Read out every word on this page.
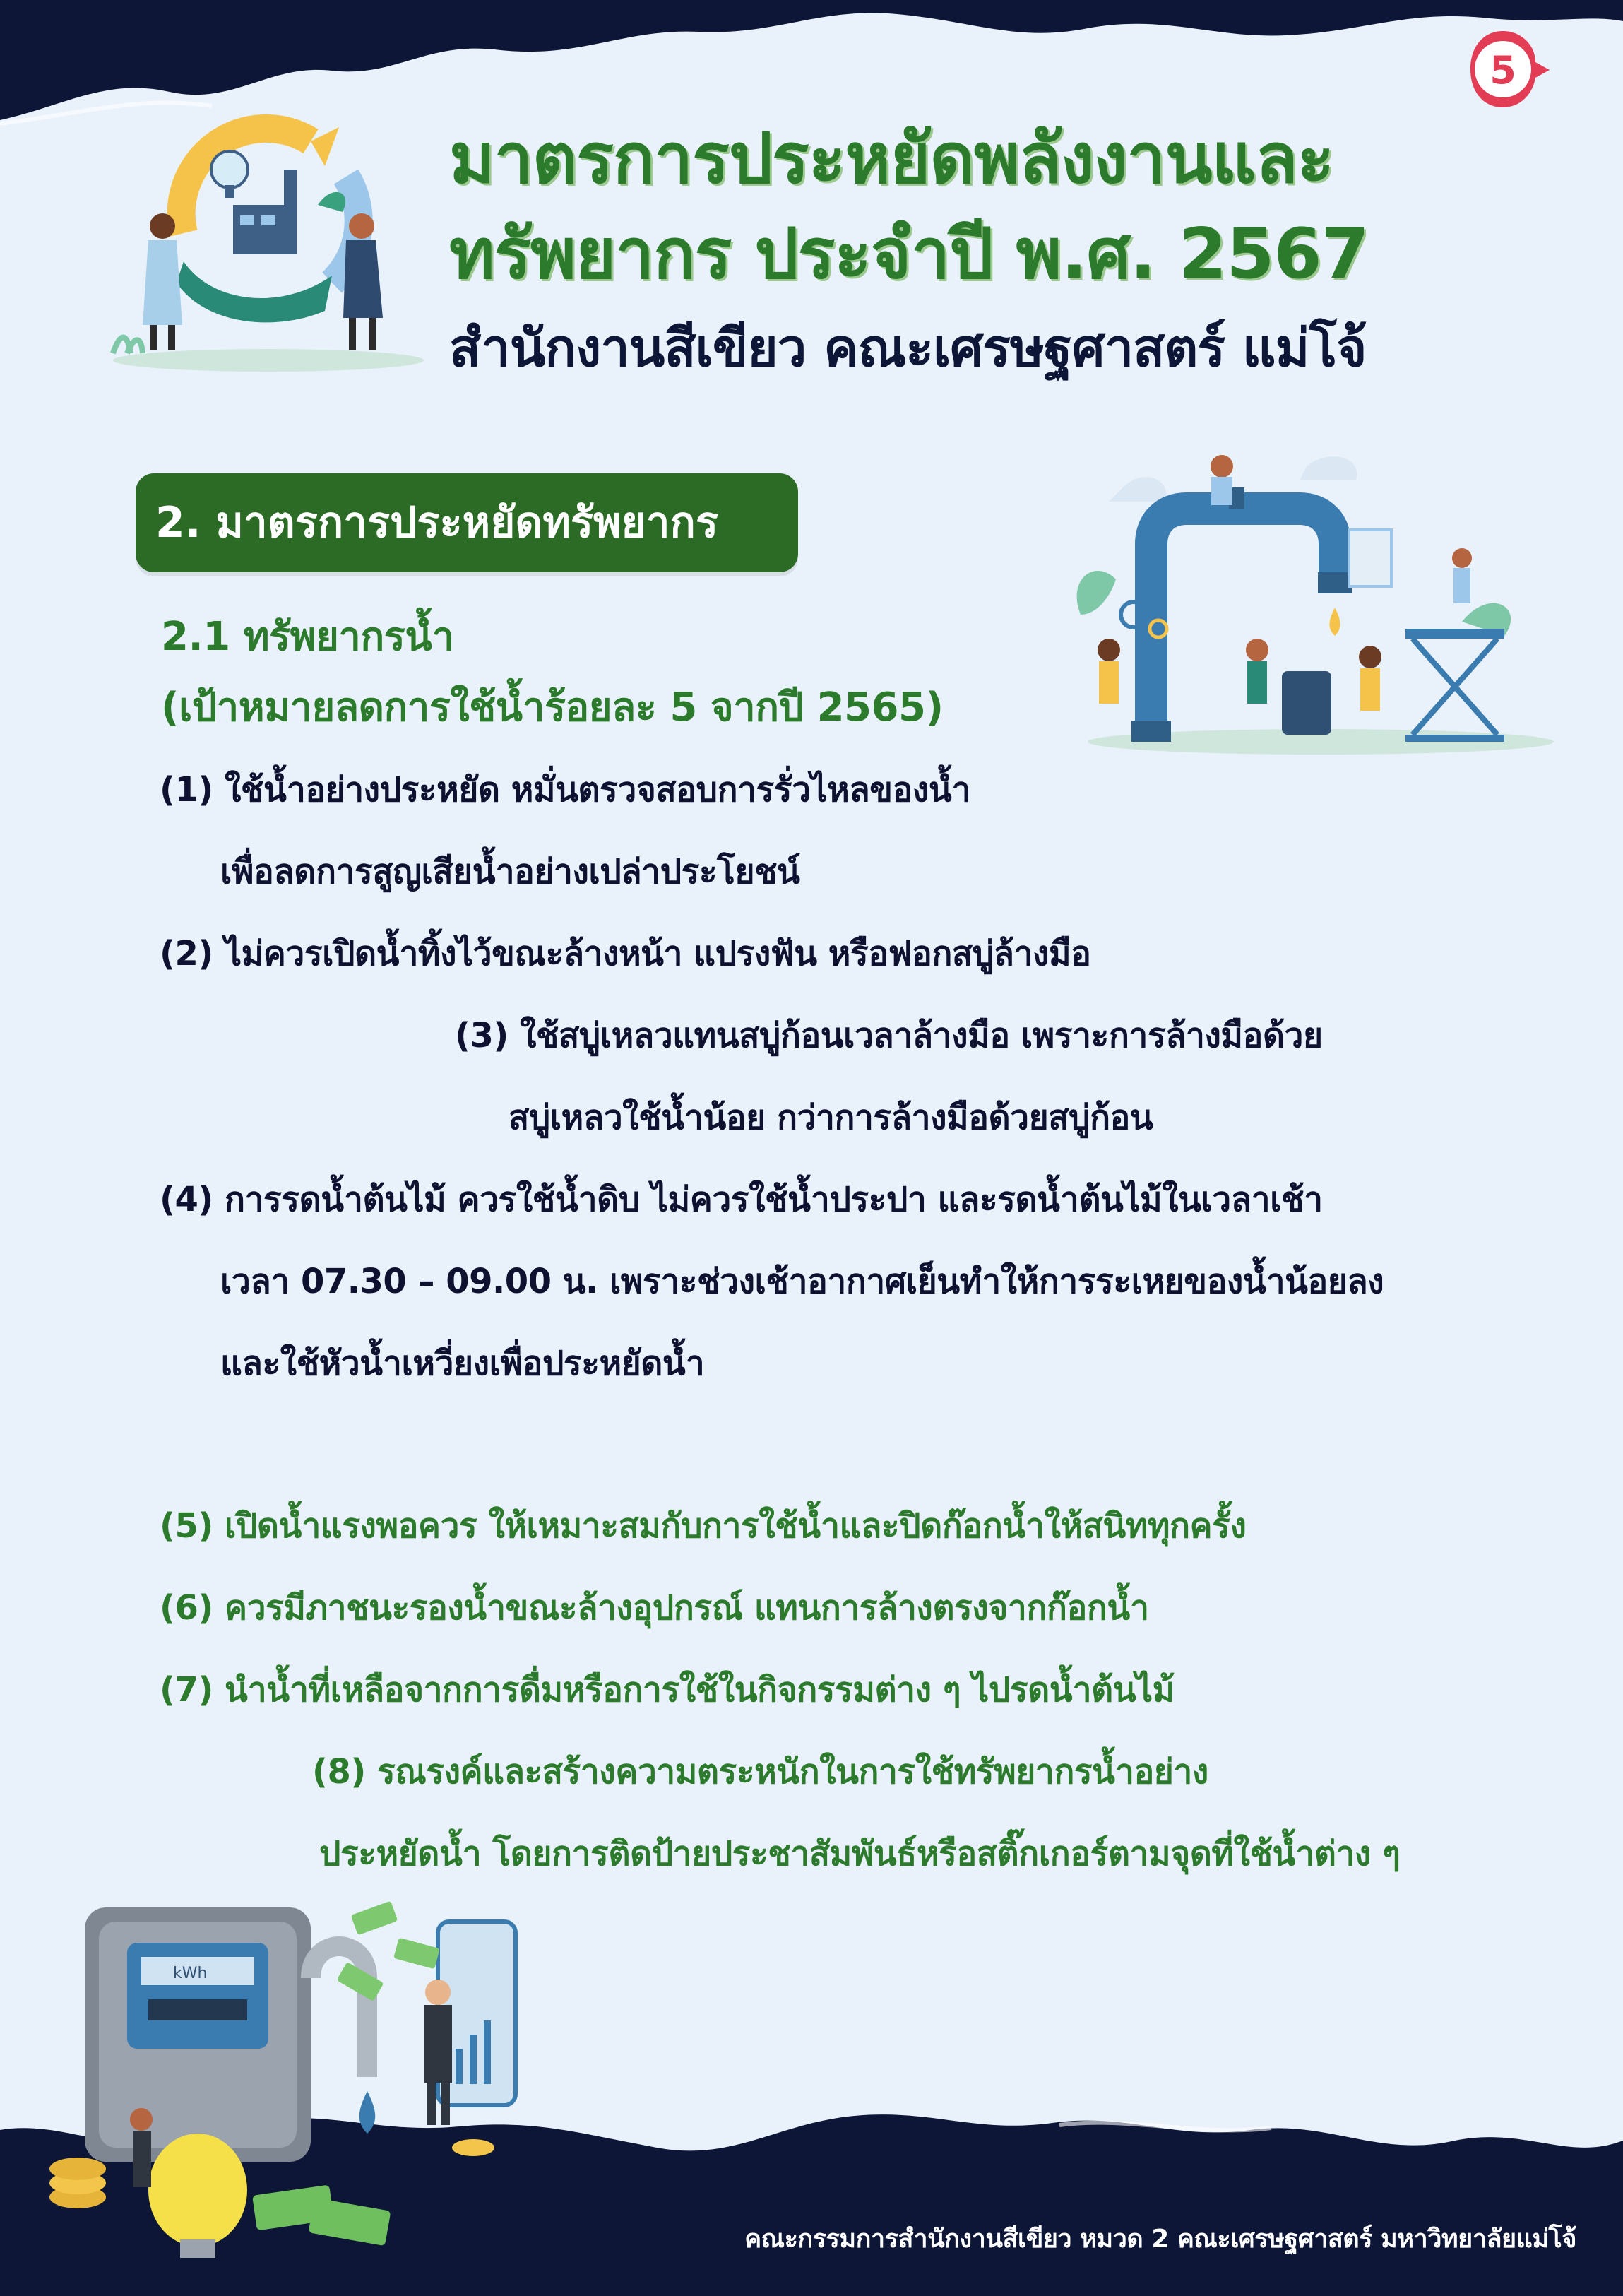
5
มาตรการประหยัดพลังงานและ
ทรัพยากร ประจำปี พ.ศ. 2567
สำนักงานสีเขียว คณะเศรษฐศาสตร์ แม่โจ้
2. มาตรการประหยัดทรัพยากร
2.1 ทรัพยากรน้ำ
(เป้าหมายลดการใช้น้ำร้อยละ 5 จากปี 2565)
(1) ใช้น้ำอย่างประหยัด หมั่นตรวจสอบการรั่วไหลของน้ำ
เพื่อลดการสูญเสียน้ำอย่างเปล่าประโยชน์
(2) ไม่ควรเปิดน้ำทิ้งไว้ขณะล้างหน้า แปรงฟัน หรือฟอกสบู่ล้างมือ
(3) ใช้สบู่เหลวแทนสบู่ก้อนเวลาล้างมือ เพราะการล้างมือด้วย
สบู่เหลวใช้น้ำน้อย กว่าการล้างมือด้วยสบู่ก้อน
(4) การรดน้ำต้นไม้ ควรใช้น้ำดิบ ไม่ควรใช้น้ำประปา และรดน้ำต้นไม้ในเวลาเช้า
เวลา 07.30 – 09.00 น. เพราะช่วงเช้าอากาศเย็นทำให้การระเหยของน้ำน้อยลง
และใช้หัวน้ำเหวี่ยงเพื่อประหยัดน้ำ
(5) เปิดน้ำแรงพอควร ให้เหมาะสมกับการใช้น้ำและปิดก๊อกน้ำให้สนิททุกครั้ง
(6) ควรมีภาชนะรองน้ำขณะล้างอุปกรณ์ แทนการล้างตรงจากก๊อกน้ำ
(7) นำน้ำที่เหลือจากการดื่มหรือการใช้ในกิจกรรมต่าง ๆ ไปรดน้ำต้นไม้
(8) รณรงค์และสร้างความตระหนักในการใช้ทรัพยากรน้ำอย่าง
ประหยัดน้ำ โดยการติดป้ายประชาสัมพันธ์หรือสติ๊กเกอร์ตามจุดที่ใช้น้ำต่าง ๆ
kWh
คณะกรรมการสำนักงานสีเขียว หมวด 2 คณะเศรษฐศาสตร์ มหาวิทยาลัยแม่โจ้
